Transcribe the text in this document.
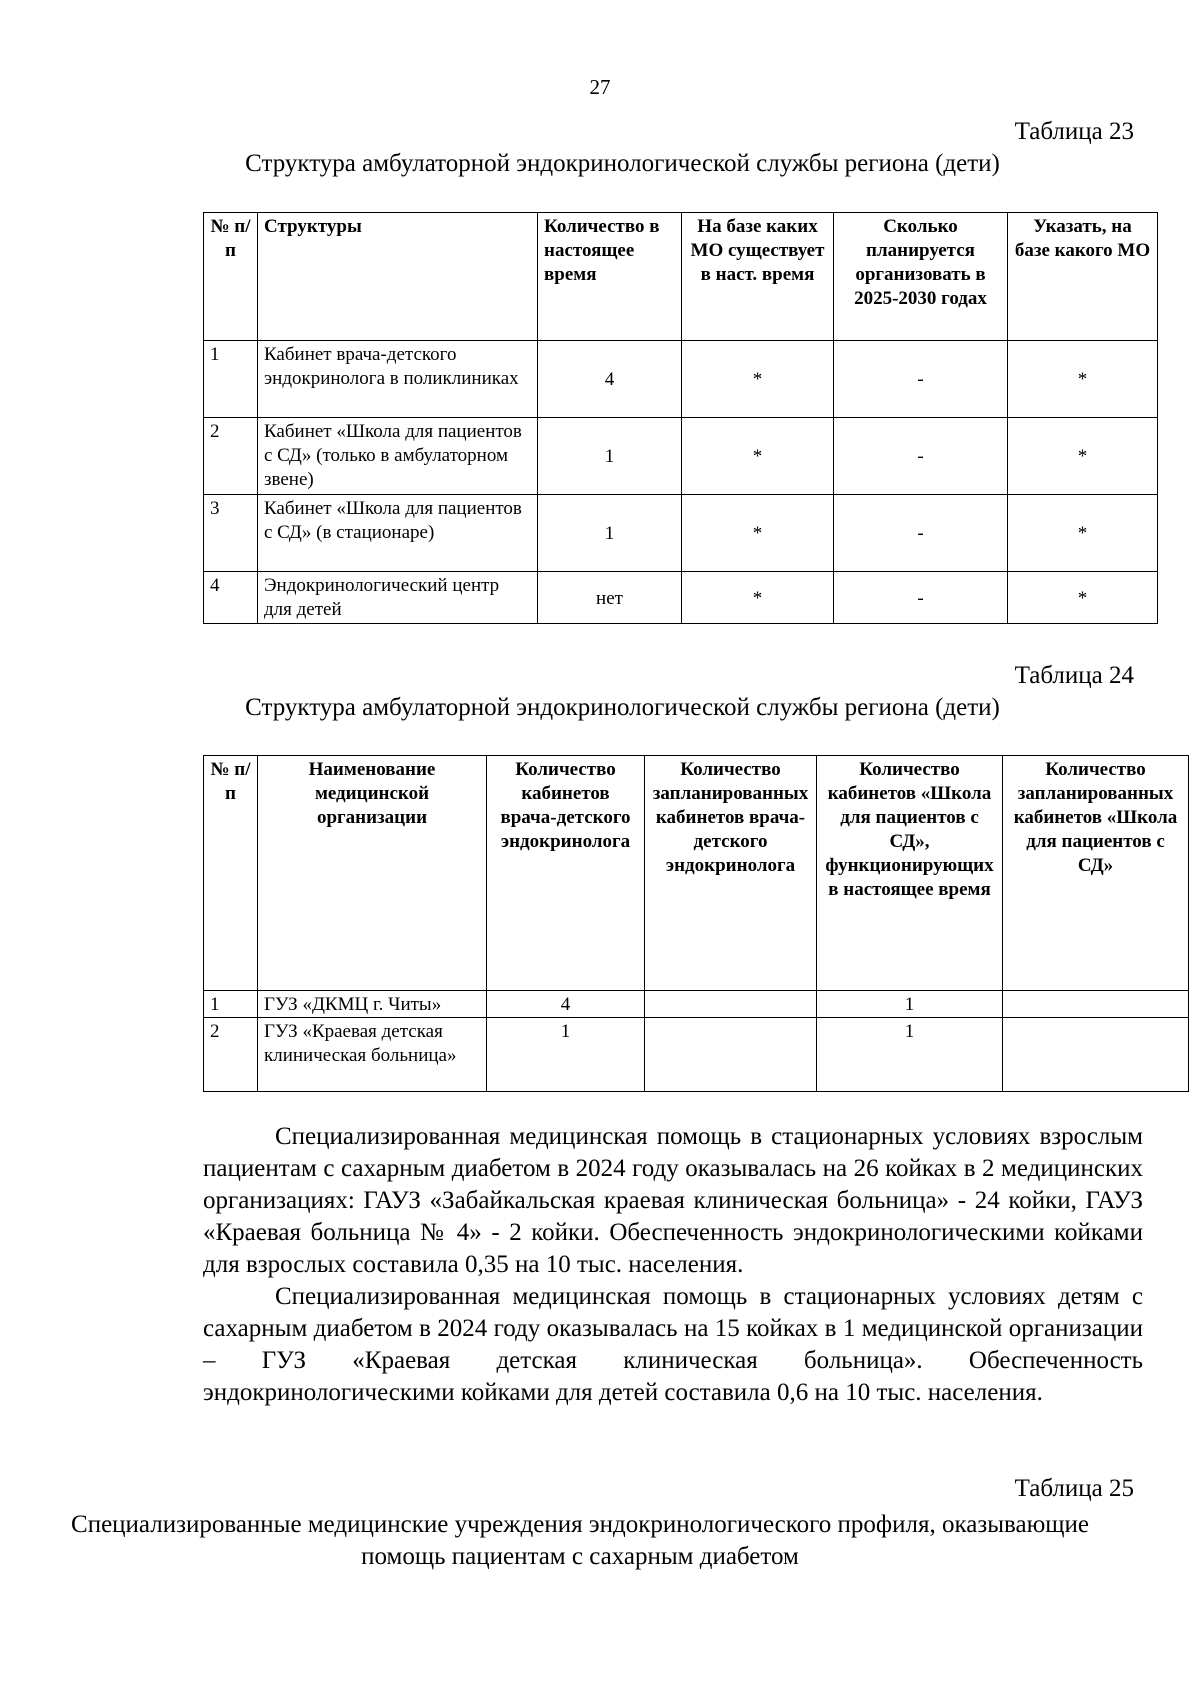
27
Таблица 23
Структура амбулаторной эндокринологической службы региона (дети)
№ п/п	Структуры	Количество в настоящее время	На базе каких МО существует в наст. время	Сколько планируется организовать в 2025-2030 годах	Указать, на базе какого МО
1	Кабинет врача-детского эндокринолога в поликлиниках	4	*	-	*
2	Кабинет «Школа для пациентов с СД» (только в амбулаторном звене)	1	*	-	*
3	Кабинет «Школа для пациентов с СД» (в стационаре)	1	*	-	*
4	Эндокринологический центр для детей	нет	*	-	*
Таблица 24
Структура амбулаторной эндокринологической службы региона (дети)
№ п/п	Наименование медицинской организации	Количество кабинетов врача-детского эндокринолога	Количество запланированных кабинетов врача-детского эндокринолога	Количество кабинетов «Школа для пациентов с СД», функционирующих в настоящее время	Количество запланированных кабинетов «Школа для пациентов с СД»
1	ГУЗ «ДКМЦ г. Читы»	4		1	
2	ГУЗ «Краевая детская клиническая больница»	1		1	

Специализированная медицинская помощь в стационарных условиях взрослым пациентам с сахарным диабетом в 2024 году оказывалась на 26 койках в 2 медицинских организациях: ГАУЗ «Забайкальская краевая клиническая больница» - 24 койки, ГАУЗ «Краевая больница № 4» - 2 койки. Обеспеченность эндокринологическими койками для взрослых составила 0,35 на 10 тыс. населения.

Специализированная медицинская помощь в стационарных условиях детям с сахарным диабетом в 2024 году оказывалась на 15 койках в 1 медицинской организации – ГУЗ «Краевая детская клиническая больница». Обеспеченность эндокринологическими койками для детей составила 0,6 на 10 тыс. населения.

Таблица 25
Специализированные медицинские учреждения эндокринологического профиля, оказывающие помощь пациентам с сахарным диабетом
